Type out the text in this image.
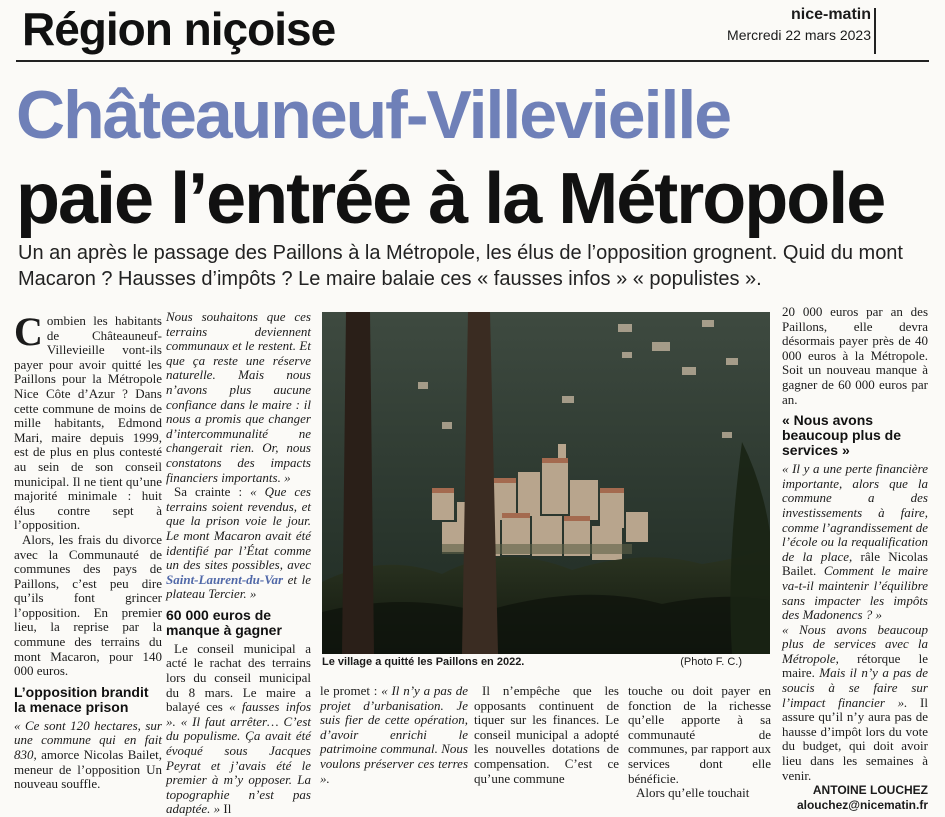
Région niçoise	nice-matin
Mercredi 22 mars 2023
Châteauneuf-Villevieille
paie l’entrée à la Métropole
Un an après le passage des Paillons à la Métropole, les élus de l’opposition grognent. Quid du mont Macaron ? Hausses d’impôts ? Le maire balaie ces « fausses infos » « populistes ».

Combien les habitants de Châteauneuf-Villevieille vont-ils payer pour avoir quitté les Paillons pour la Métropole Nice Côte d’Azur ? Dans cette commune de moins de mille habitants, Edmond Mari, maire depuis 1999, est de plus en plus contesté au sein de son conseil municipal. Il ne tient qu’une majorité minimale : huit élus contre sept à l’opposition.

Alors, les frais du divorce avec la Communauté de communes des pays de Paillons, c’est peu dire qu’ils font grincer l’opposition. En premier lieu, la reprise par la commune des terrains du mont Macaron, pour 140 000 euros.

L’opposition brandit la menace prison

« Ce sont 120 hectares, sur une commune qui en fait 830, amorce Nicolas Bailet, meneur de l’opposition Un nouveau souffle.

Nous souhaitons que ces terrains deviennent communaux et le restent. Et que ça reste une réserve naturelle. Mais nous n’avons plus aucune confiance dans le maire : il nous a promis que changer d’intercommunalité ne changerait rien. Or, nous constatons des impacts financiers importants. »

Sa crainte : « Que ces terrains soient revendus, et que la prison voie le jour. Le mont Macaron avait été identifié par l’État comme un des sites possibles, avec Saint-Laurent-du-Var et le plateau Tercier. »

60 000 euros de manque à gagner

Le conseil municipal a acté le rachat des terrains lors du conseil municipal du 8 mars. Le maire a balayé ces « fausses infos ». « Il faut arrêter… C’est du populisme. Ça avait été évoqué sous Jacques Peyrat et j’avais été le premier à m’y opposer. La topographie n’est pas adaptée. » Il

Le village a quitté les Paillons en 2022.	(Photo F. C.)

le promet : « Il n’y a pas de projet d’urbanisation. Je suis fier de cette opération, d’avoir enrichi le patrimoine communal. Nous voulons préserver ces terres ».

Il n’empêche que les opposants continuent de tiquer sur les finances. Le conseil municipal a adopté les nouvelles dotations de compensation. C’est ce qu’une commune

touche ou doit payer en fonction de la richesse qu’elle apporte à sa communauté de communes, par rapport aux services dont elle bénéficie.

Alors qu’elle touchait

20 000 euros par an des Paillons, elle devra désormais payer près de 40 000 euros à la Métropole. Soit un nouveau manque à gagner de 60 000 euros par an.

« Nous avons beaucoup plus de services »

« Il y a une perte financière importante, alors que la commune a des investissements à faire, comme l’agrandissement de l’école ou la requalification de la place, râle Nicolas Bailet. Comment le maire va-t-il maintenir l’équilibre sans impacter les impôts des Madonencs ? »

« Nous avons beaucoup plus de services avec la Métropole, rétorque le maire. Mais il n’y a pas de soucis à se faire sur l’impact financier ». Il assure qu’il n’y aura pas de hausse d’impôt lors du vote du budget, qui doit avoir lieu dans les semaines à venir.

ANTOINE LOUCHEZ
alouchez@nicematin.fr
